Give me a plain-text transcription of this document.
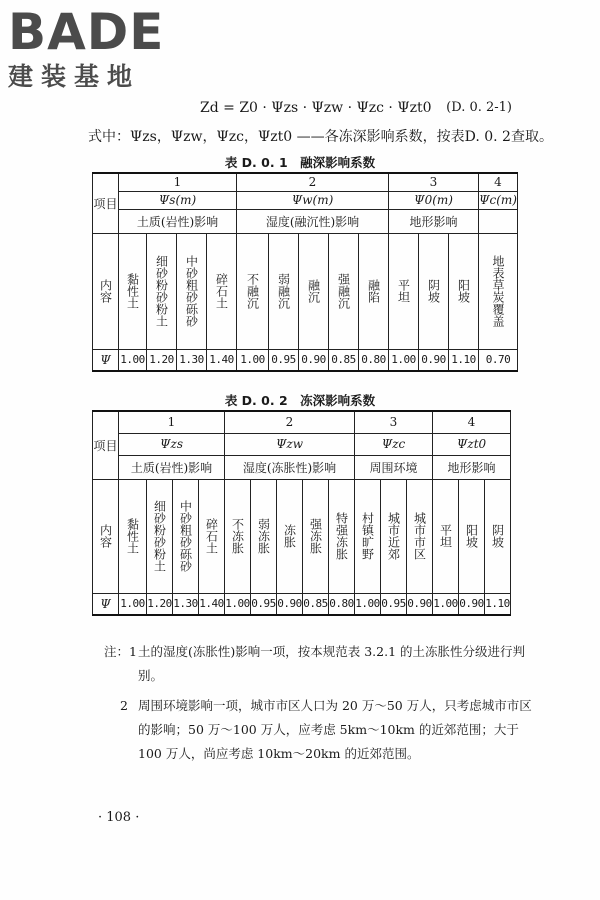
BADE
建装基地
Zd = Z0 · Ψzs · Ψzw · Ψzc · Ψzt0 (D. 0. 2-1)
式中：Ψzs，Ψzw，Ψzc，Ψzt0 ——各冻深影响系数，按表D. 0. 2查取。
表 D. 0. 1　融深影响系数
项目	1				2					3			4
	Ψs(m)				Ψw(m)					Ψ0(m)			Ψc(m)
	土质(岩性)影响				湿度(融沉性)影响					地形影响			

内容	黏性土	细砂粉砂粉土	中砂粗砂砾砂	碎石土	不融沉	弱融沉	融沉	强融沉	融陷	平坦	阴坡	阳坡	地表草炭覆盖

Ψ	1.00	1.20	1.30	1.40	1.00	0.95	0.90	0.85	0.80	1.00	0.90	1.10	0.70
表 D. 0. 2　冻深影响系数
项目	1				2					3			4		
	Ψzs				Ψzw					Ψzc			Ψzt0		
	土质(岩性)影响				湿度(冻胀性)影响					周围环境			地形影响		

内容	黏性土	细砂粉砂粉土	中砂粗砂砾砂	碎石土	不冻胀	弱冻胀	冻胀	强冻胀	特强冻胀	村镇旷野	城市近郊	城市市区	平坦	阳坡	阴坡

Ψ	1.00	1.20	1.30	1.40	1.00	0.95	0.90	0.85	0.80	1.00	0.95	0.90	1.00	0.90	1.10
注：1 土的湿度(冻胀性)影响一项，按本规范表 3.2.1 的土冻胀性分级进行判别。
2 周围环境影响一项，城市市区人口为 20 万～50 万人，只考虑城市市区的影响；50 万～100 万人，应考虑 5km～10km 的近郊范围；大于 100 万人，尚应考虑 10km～20km 的近郊范围。
· 108 ·
